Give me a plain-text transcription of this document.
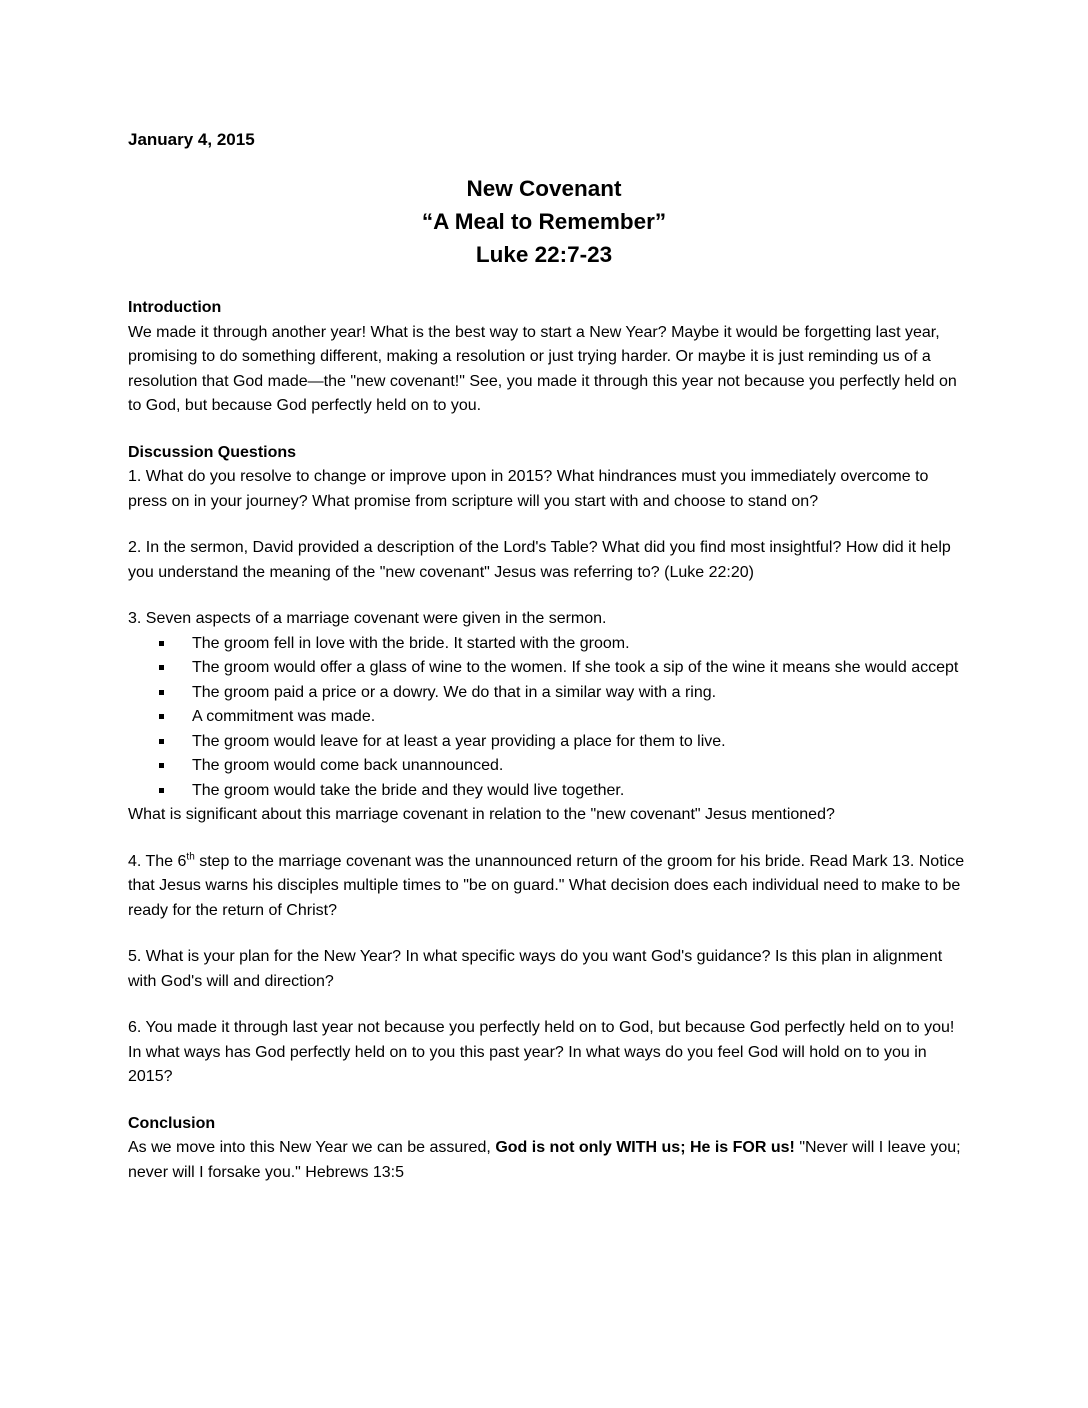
January 4, 2015
New Covenant
“A Meal to Remember”
Luke 22:7-23

Introduction

We made it through another year! What is the best way to start a New Year? Maybe it would be forgetting last year, promising to do something different, making a resolution or just trying harder. Or maybe it is just reminding us of a resolution that God made—the "new covenant!" See, you made it through this year not because you perfectly held on to God, but because God perfectly held on to you.

Discussion Questions

1. What do you resolve to change or improve upon in 2015? What hindrances must you immediately overcome to press on in your journey? What promise from scripture will you start with and choose to stand on?

2. In the sermon, David provided a description of the Lord's Table? What did you find most insightful? How did it help you understand the meaning of the "new covenant" Jesus was referring to? (Luke 22:20)

3. Seven aspects of a marriage covenant were given in the sermon.

The groom fell in love with the bride. It started with the groom.
The groom would offer a glass of wine to the women. If she took a sip of the wine it means she would accept
The groom paid a price or a dowry. We do that in a similar way with a ring.
A commitment was made.
The groom would leave for at least a year providing a place for them to live.
The groom would come back unannounced.
The groom would take the bride and they would live together.

What is significant about this marriage covenant in relation to the "new covenant" Jesus mentioned?

4. The 6th step to the marriage covenant was the unannounced return of the groom for his bride. Read Mark 13. Notice that Jesus warns his disciples multiple times to "be on guard." What decision does each individual need to make to be ready for the return of Christ?

5. What is your plan for the New Year? In what specific ways do you want God's guidance? Is this plan in alignment with God's will and direction?

6. You made it through last year not because you perfectly held on to God, but because God perfectly held on to you! In what ways has God perfectly held on to you this past year? In what ways do you feel God will hold on to you in 2015?

Conclusion

As we move into this New Year we can be assured, God is not only WITH us; He is FOR us! "Never will I leave you; never will I forsake you." Hebrews 13:5
